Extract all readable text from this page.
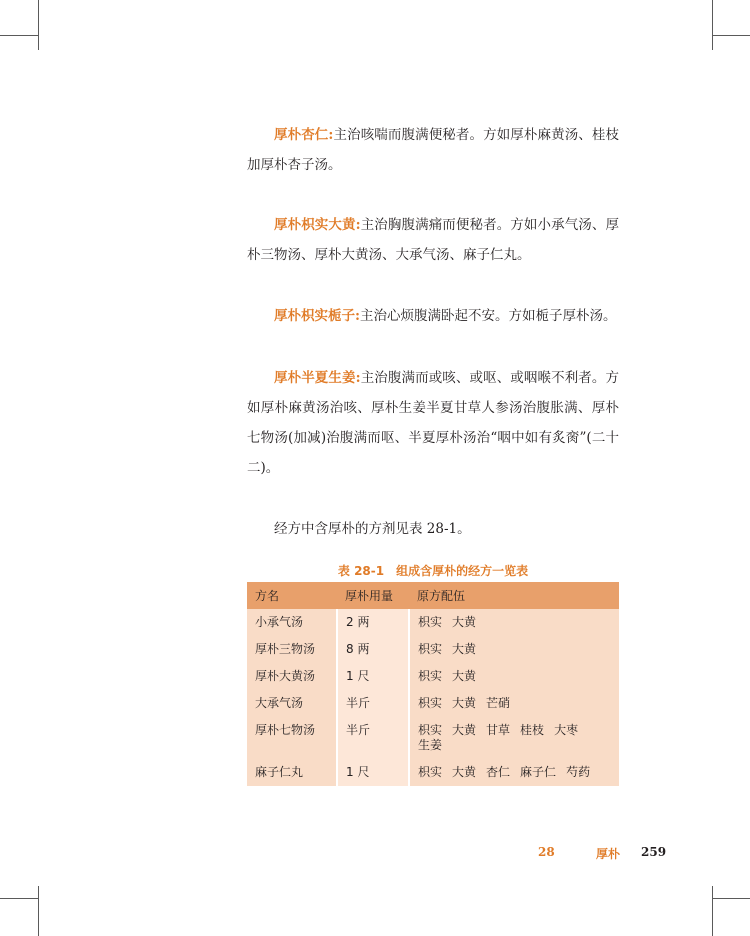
厚朴杏仁:主治咳喘而腹满便秘者。方如厚朴麻黄汤、桂枝加厚朴杏子汤。

厚朴枳实大黄:主治胸腹满痛而便秘者。方如小承气汤、厚朴三物汤、厚朴大黄汤、大承气汤、麻子仁丸。

厚朴枳实栀子:主治心烦腹满卧起不安。方如栀子厚朴汤。

厚朴半夏生姜:主治腹满而或咳、或呕、或咽喉不利者。方如厚朴麻黄汤治咳、厚朴生姜半夏甘草人参汤治腹胀满、厚朴七物汤(加减)治腹满而呕、半夏厚朴汤治“咽中如有炙脔”(二十二)。

经方中含厚朴的方剂见表 28-1。

表 28-1　组成含厚朴的经方一览表
方名	厚朴用量	原方配伍
小承气汤	2 两	枳实 大黄
厚朴三物汤	8 两	枳实 大黄
厚朴大黄汤	1 尺	枳实 大黄
大承气汤	半斤	枳实 大黄 芒硝
厚朴七物汤	半斤	枳实 大黄 甘草 桂枝 大枣生姜
麻子仁丸	1 尺	枳实 大黄 杏仁 麻子仁 芍药
28	厚朴 259
